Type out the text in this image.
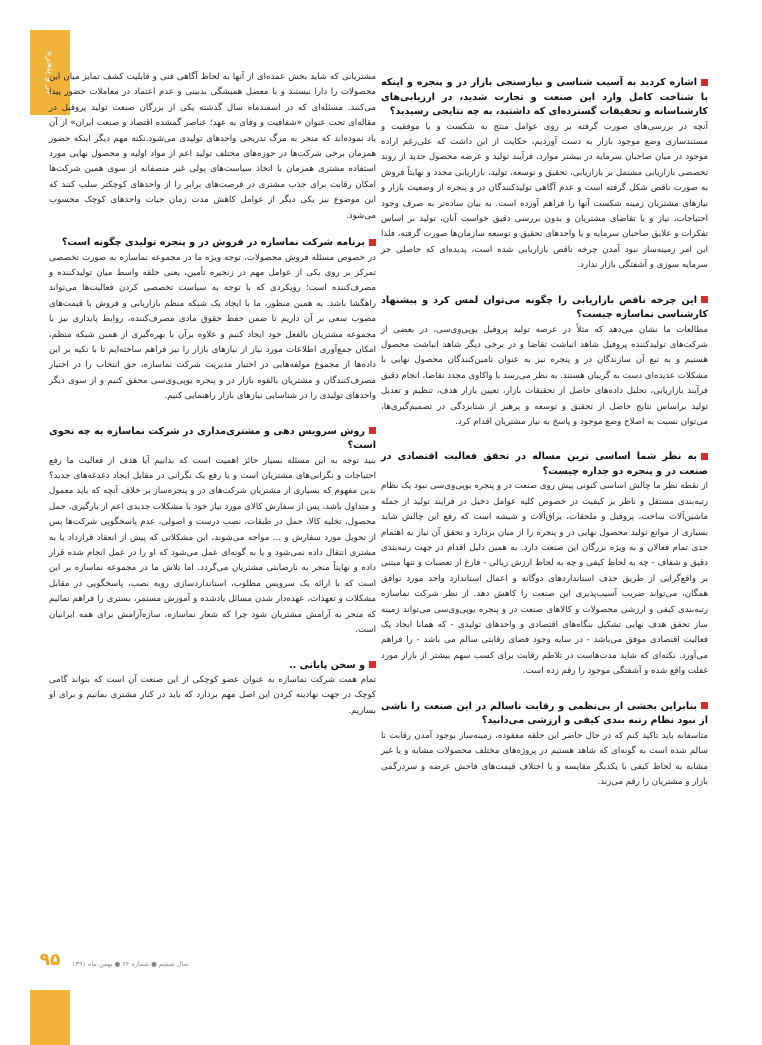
در و پنجره	اشاره کردید به آسیب شناسی و نیازسنجی بازار در و پنجره و اینکه با شناخت کامل وارد این صنعت و تجارت شدید، در ارزیابی‌های کارشناسانه و تحقیقات گسترده‌ای که داشتید، به چه نتایجی رسیدید؟

آنچه در بررسی‌های صورت گرفته بر روی عوامل منتج به شکست و یا موفقیت و مستندسازی وضع موجود بازار به دست آوردیم، حکایت از این داشت که علی‌رغم اراده موجود در میان صاحبان سرمایه در بیشتر موارد، فرآیند تولید و عرضه محصول جدید از روند تخصصی بازاریابی مشتمل بر بازاریابی، تحقیق و توسعه، تولید، بازاریابی مجدد و نهایتاً فروش به صورت ناقص شکل گرفته است و عدم آگاهی تولیدکنندگان در و پنجره از وضعیت بازار و نیازهای مشتریان زمینه شکست آنها را فراهم آورده است. به بیان ساده‌تر به صرف وجود احتیاجات، نیاز و یا تقاضای مشتریان و بدون بررسی دقیق خواست آنان، تولید بر اساس تفکرات و علایق صاحبان سرمایه و یا واحدهای تحقیق و توسعه سازمان‌ها صورت گرفته، فلذا این امر زمینه‌ساز نبود آمدن چرخه ناقص بازاریابی شده است، پدیده‌ای که حاصلی جز سرمایه سوزی و آشفتگی بازار ندارد.

این چرخه ناقص بازاریابی را چگونه می‌توان لمس کرد و پیشنهاد کارشناسی نماسازه چیست؟

مطالعات ما نشان می‌دهد که مثلاً در عرصه تولید پروفیل یو‌پی‌وی‌سی، در بعضی از شرکت‌های تولیدکننده پروفیل شاهد انباشت تقاضا و در برخی دیگر شاهد انباشت محصول هستیم و به تبع آن سازندگان در و پنجره نیز به عنوان تامین‌کنندگان محصول نهایی با مشکلات عدیده‌ای دست به گریبان هستند. به نظر می‌رسد با واکاوی مجدد تقاضا، انجام دقیق فرآیند بازاریابی، تحلیل داده‌های حاصل از تحقیقات بازار، تعیین بازار هدف، تنظیم و تعدیل تولید براساس نتایج حاصل از تحقیق و توسعه و پرهیز از شتابزدگی در تصمیم‌گیری‌ها، می‌توان نسبت به اصلاح وضع موجود و پاسخ به نیاز مشتریان اقدام کرد.

به نظر شما اساسی ترین مساله در تحقق فعالیت اقتصادی در صنعت در و پنجره دو جداره چیست؟

از نقطه نظر ما چالش اساسی کنونی پیش روی صنعت در و پنجره یو‌پی‌وی‌سی نبود یک نظام رتبه‌بندی مستقل و ناظر بر کیفیت در خصوص کلیه عوامل دخیل در فرایند تولید از جمله ماشین‌آلات ساخت، پروفیل و ملحقات، یراق‌آلات و شیشه است که رفع این چالش شاید بسیاری از موانع تولید محصول نهایی در و پنجره را از میان بردارد و تحقق آن نیاز به اهتمام جدی تمام فعالان و به ویژه بزرگان این صنعت دارد. به همین دلیل اقدام در جهت رتبه‌بندی دقیق و شفاف - چه به لحاظ کیفی و چه به لحاظ ارزش ریالی - فارغ از تعصبات و تنها مبتنی بر واقع‌گرایی از طریق حذف استانداردهای دوگانه و اعمال استاندارد واحد مورد توافق همگان، می‌تواند ضریب آسیب‌پذیری این صنعت را کاهش دهد. از نظر شرکت نماسازه رتبه‌بندی کیفی و ارزشی محصولات و کالاهای صنعت در و پنجره یو‌پی‌وی‌سی می‌تواند زمینه ساز تحقق هدف نهایی تشکیل بنگاه‌های اقتصادی و واحدهای تولیدی - که همانا ایجاد یک فعالیت اقتصادی موفق می‌باشد - در سایه وجود فضای رقابتی سالم می باشد - را فراهم می‌آورد. نکته‌ای که شاید مدت‌هاست در تلاطم رقابت برای کسب سهم بیشتر از بازار مورد غفلت واقع شده و آشفتگی موجود را رقم زده است.

بنابراین بخشی از بی‌نظمی و رقابت ناسالم در این صنعت را ناشی از نبود نظام رتبه بندی کیفی و ارزشی می‌دانید؟

متاسفانه باید تاکید کنم که در حال حاضر این حلقه مفقوده، زمینه‌ساز بوجود آمدن رقابت نا سالم شده است به گونه‌ای که شاهد هستیم در پروژه‌های مختلف محصولات مشابه و یا غیر مشابه به لحاظ کیفی با یکدیگر مقایسه و با اختلاف قیمت‌های فاحش عرضه و سردرگمی بازار و مشتریان را رقم می‌زند.

مشتریانی که شاید بخش عمده‌ای از آنها به لحاظ آگاهی فنی و قابلیت کشف تمایز میان این محصولات را دارا نیستند و با معضل همیشگی بدبینی و عدم اعتماد در معاملات حضور پیدا می‌کنند. مسئله‌ای که در اسفندماه سال گذشته یکی از بزرگان صنعت تولید پروفیل در مقاله‌ای تحت عنوان «شفافیت و وفای به عهد؛ عناصر گمشده اقتصاد و صنعت ایران» از آن یاد نموده‌اند که منجر به مرگ تدریجی واحدهای تولیدی می‌شود.نکته مهم دیگر اینکه حضور همزمان برخی شرکت‌ها در حوزه‌های مختلف تولید اعم از مواد اولیه و محصول نهایی مورد استفاده مشتری همزمان با اتخاذ سیاست‌های پولی غیر منصفانه از سوی همین شرکت‌ها امکان رقابت برای جذب مشتری در فرصت‌های برابر را از واحدهای کوچکتر سلب کنند که این موضوع نیز یکی دیگر از عوامل کاهش مدت زمان حیات واحدهای کوچک محسوب می‌شود.

برنامه شرکت نماسازه در فروش در و پنجره تولیدی چگونه است؟

در خصوص مسئله فروش محصولات، توجه ویژه ما در مجموعه نماسازه به صورت تخصصی تمرکز بر روی یکی از عوامل مهم در زنجیره تأمین، یعنی حلقه واسط میان تولیدکننده و مصرف‌کننده است؛ رویکردی که با توجه به سیاست تخصصی کردن فعالیت‌ها می‌تواند راهگشا باشد. به همین منظور، ما با ایجاد یک شبکه منظم بازاریابی و فروش با قیمت‌های مصوب سعی بر آن داریم تا ضمن حفظ حقوق مادی مصرف‌کننده، روابط پایداری نیز با مجموعه مشتریان بالفعل خود ایجاد کنیم و علاوه برآن با بهره‌گیری از همین شبکه منظم، امکان جمع‌آوری اطلاعات مورد نیاز از نیازهای بازار را نیز فراهم ساخته‌ایم تا با تکیه بر این داده‌ها از مجموع مولفه‌هایی در اختیار مدیریت شرکت نماسازه، حق انتخاب را در اختیار مصرف‌کنندگان و مشتریان بالقوه بازار در و پنجره یو‌پی‌وی‌سی محقق کنیم و از سوی دیگر واحدهای تولیدی را در شناسایی نیازهای بازار راهنمایی کنیم.

روش سرویس دهی و مشتری‌مداری در شرکت نماسازه به چه نحوی است؟

بنید توجه به این مسئله بسیار حائز اهمیت است که بدانیم آیا هدف از فعالیت ما رفع احتیاجات و نگرانی‌های مشتریان است و یا رفع یک نگرانی در مقابل ایجاد دغدغه‌های جدید؟ بدین مفهوم که بسیاری از مشتریان شرکت‌های در و پنجره‌ساز بر خلاف آنچه که باید معمول و متداول باشد، پس از سفارش کالای مورد نیاز خود با مشکلات جدیدی اعم از بارگیری، حمل محصول، تخلیه کالا، حمل در طبقات، نصب درست و اصولی، عدم پاسخگویی شرکت‌ها پس از تحویل مورد سفارش و ... مواجه می‌شوند، این مشکلاتی که پیش از انعقاد قرارداد یا به مشتری انتقال داده نمی‌شود و یا به گونه‌ای عمل می‌شود که او را در عمل انجام شده قرار داده و نهایتاً منجر به نارضایتی مشتریان می‌گردد. اما تلاش ما در مجموعه نماسازه بر این است که با ارائه یک سرویس مطلوب، استانداردسازی رویه نصب، پاسخگویی در مقابل مشکلات و تعهدات، عهده‌دار شدن مسائل یادشده و آموزش مستمر، بستری را فراهم نمائیم که منجر به آرامش مشتریان شود چرا که شعار نماسازه، سازه‌آرامش برای همه ایرانیان است.

و سخن پایانی ..

تمام همت شرکت نماسازه به عنوان عضو کوچکی از این صنعت آن است که بتواند گامی کوچک در جهت نهادینه کردن این اصل مهم بردارد که باید در کنار مشتری بمانیم و برای او بسازیم.

۹۵	سال ششم ● شماره ۶۴ ● بهمن ماه ۱۳۹۱
